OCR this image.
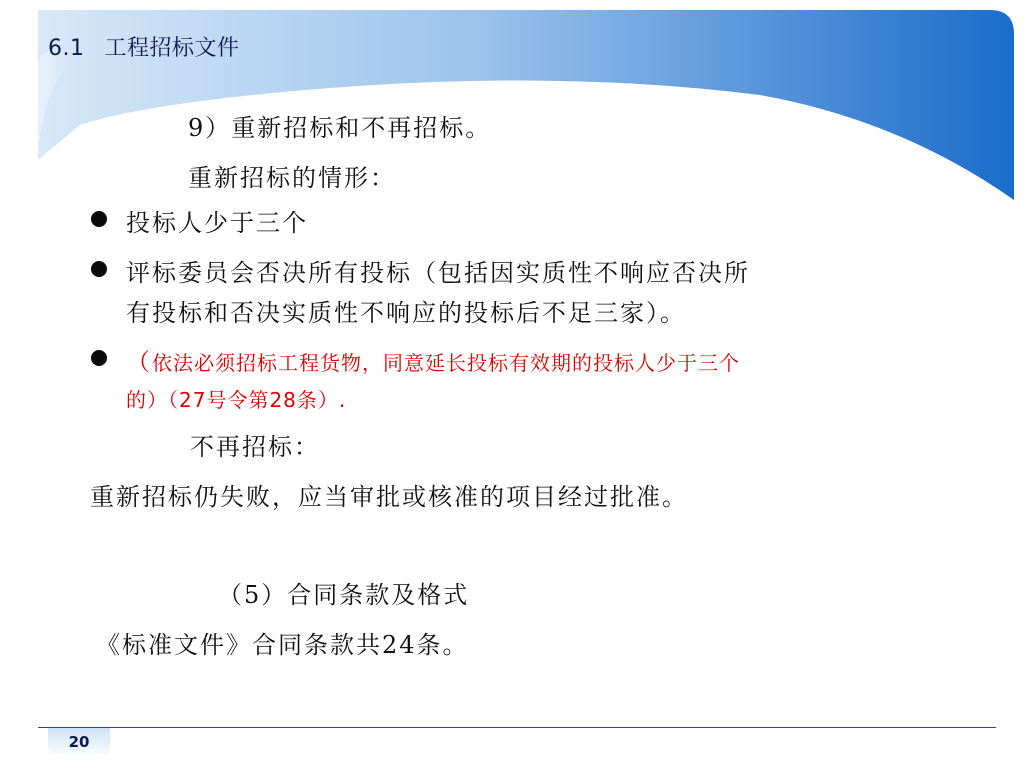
6.1 工程招标文件
9）重新招标和不再招标。
重新招标的情形：
投标人少于三个
评标委员会否决所有投标（包括因实质性不响应否决所
有投标和否决实质性不响应的投标后不足三家）。
（依法必须招标工程货物，同意延长投标有效期的投标人少于三个
的）（27号令第28条）.
不再招标：
重新招标仍失败，应当审批或核准的项目经过批准。
（5）合同条款及格式
《标准文件》合同条款共24条。
20
